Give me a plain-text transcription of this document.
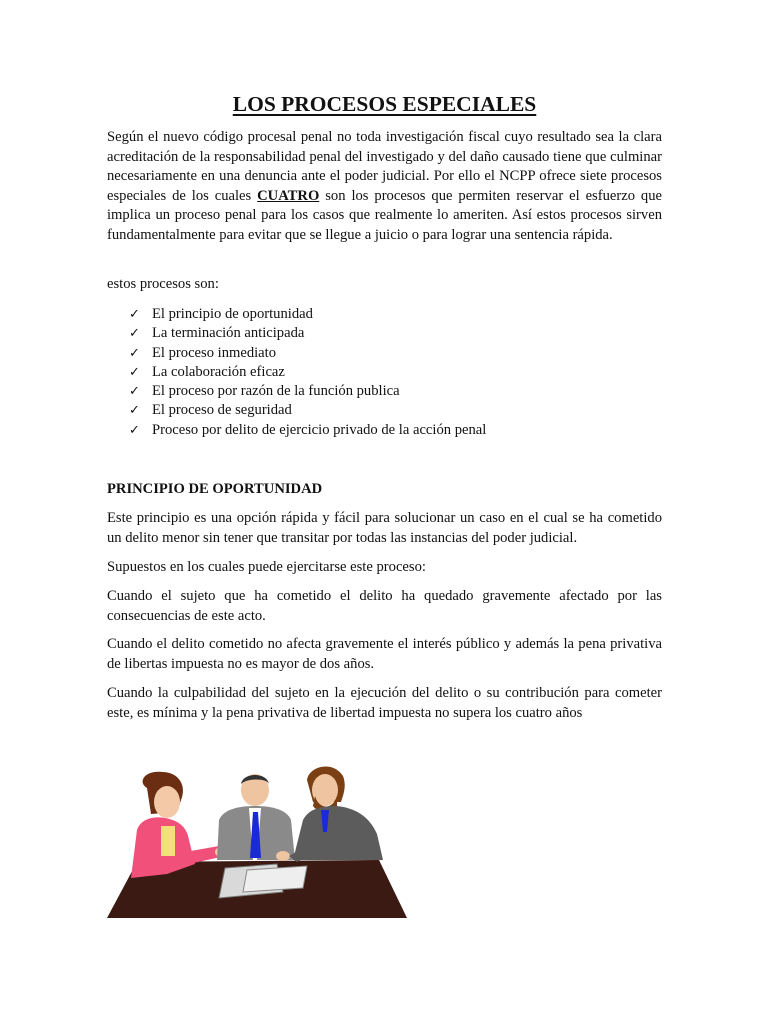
LOS PROCESOS ESPECIALES

Según el nuevo código procesal penal no toda investigación fiscal cuyo resultado sea la clara acreditación de la responsabilidad penal del investigado y del daño causado tiene que culminar necesariamente en una denuncia ante el poder judicial. Por ello el NCPP ofrece siete procesos especiales de los cuales CUATRO son los procesos que permiten reservar el esfuerzo que implica un proceso penal para los casos que realmente lo ameriten. Así estos procesos sirven fundamentalmente para evitar que se llegue a juicio o para lograr una sentencia rápida.

estos procesos son:

✓ El principio de oportunidad
✓ La terminación anticipada
✓ El proceso inmediato
✓ La colaboración eficaz
✓ El proceso por razón de la función publica
✓ El proceso de seguridad
✓ Proceso por delito de ejercicio privado de la acción penal
PRINCIPIO DE OPORTUNIDAD

Este principio es una opción rápida y fácil para solucionar un caso en el cual se ha cometido un delito menor sin tener que transitar por todas las instancias del poder judicial.

Supuestos en los cuales puede ejercitarse este proceso:

Cuando el sujeto que ha cometido el delito ha quedado gravemente afectado por las consecuencias de este acto.

Cuando el delito cometido no afecta gravemente el interés público y además la pena privativa de libertas impuesta no es mayor de dos años.

Cuando la culpabilidad del sujeto en la ejecución del delito o su contribución para cometer este, es mínima y la pena privativa de libertad impuesta no supera los cuatro años
